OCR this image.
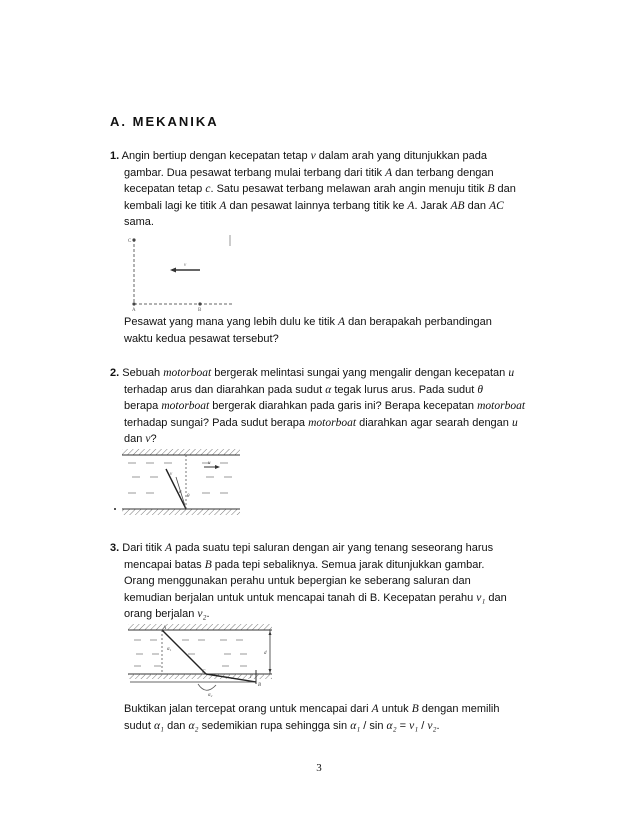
A. MEKANIKA
1. Angin bertiup dengan kecepatan tetap v dalam arah yang ditunjukkan pada
gambar. Dua pesawat terbang mulai terbang dari titik A dan terbang dengan
kecepatan tetap c. Satu pesawat terbang melawan arah angin menuju titik B dan
kembali lagi ke titik A dan pesawat lainnya terbang titik ke A. Jarak AB dan AC
sama.
C
A	B
v
Pesawat yang mana yang lebih dulu ke titik A dan berapakah perbandingan
waktu kedua pesawat tersebut?
2. Sebuah motorboat bergerak melintasi sungai yang mengalir dengan kecepatan u
terhadap arus dan diarahkan pada sudut α tegak lurus arus. Pada sudut θ
berapa motorboat bergerak diarahkan pada garis ini? Berapa kecepatan motorboat
terhadap sungai? Pada sudut berapa motorboat diarahkan agar searah dengan u
dan v?
u
v
α
θ
3. Dari titik A pada suatu tepi saluran dengan air yang tenang seseorang harus
mencapai batas B pada tepi sebaliknya. Semua jarak ditunjukkan gambar.
Orang menggunakan perahu untuk bepergian ke seberang saluran dan
kemudian berjalan untuk untuk mencapai tanah di B. Kecepatan perahu v₁ dan
orang berjalan v₂.
A
B
C
d
l
α₁
α₂
Buktikan jalan tercepat orang untuk mencapai dari A untuk B dengan memilih
sudut α₁ dan α₂ sedemikian rupa sehingga sin α₁ / sin α₂ = v₁ / v₂.
3
